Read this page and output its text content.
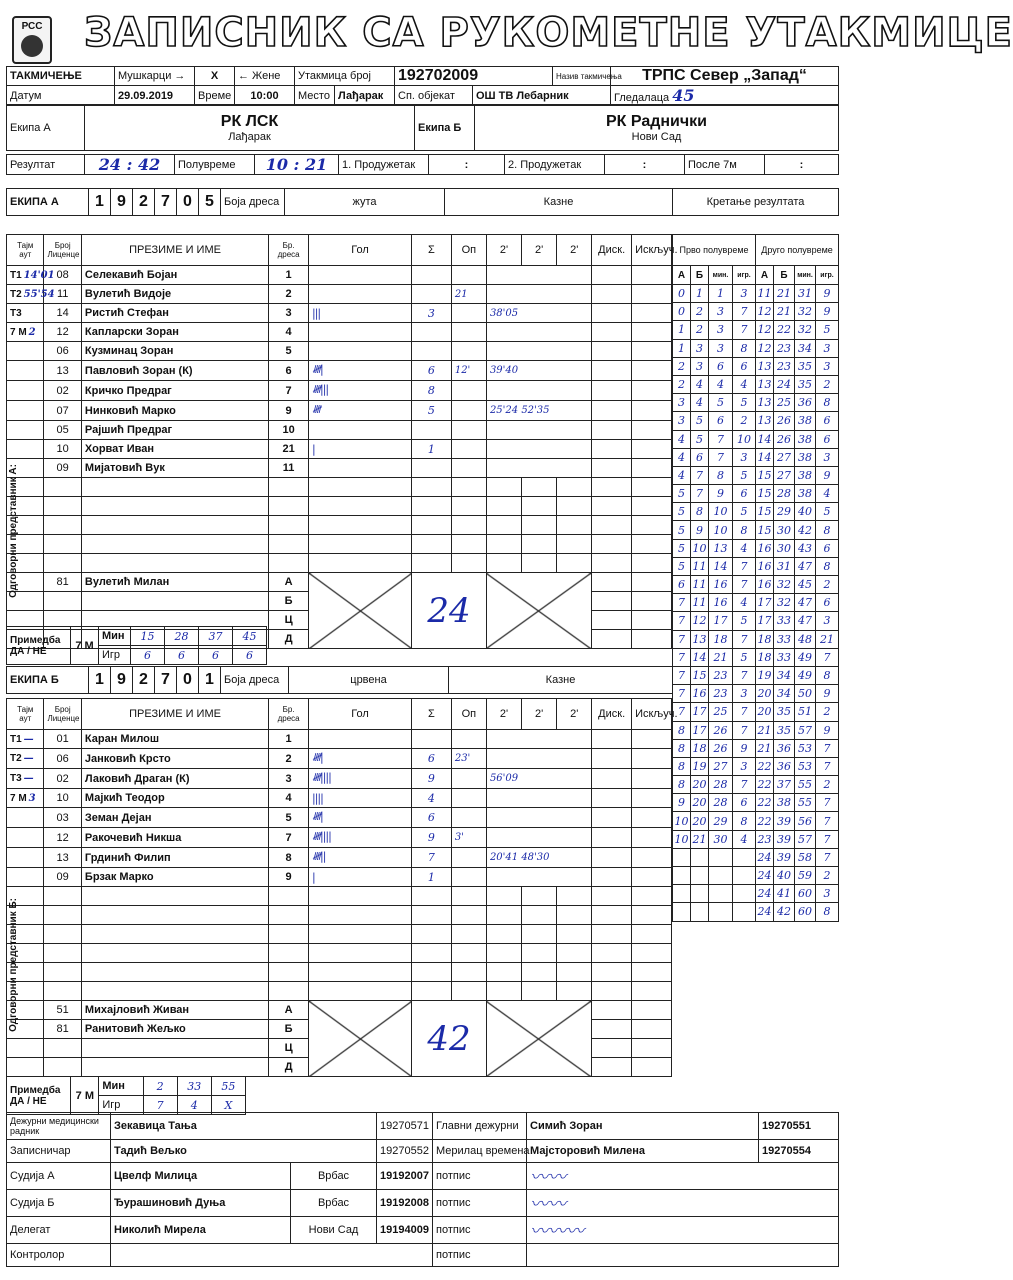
РСС ЗАПИСНИК СА РУКОМЕТНЕ УТАКМИЦЕ
ТАКМИЧЕЊЕ	Мушкарци →	X	← Жене	Утакмица број		192702009		Назив такмичења	ТРПС Север „Запад“
Датум	29.09.2019	Време	10:00	Место	Лађарак	Сп. објекат	ОШ ТВ Лебарник		Гледалаца 45
Екипа А	РК ЛСК
Лађарак
	Екипа Б	РК Раднички
Нови Сад
Резултат	24 : 42	Полувреме	10 : 21	1. Продужетак	:	2. Продужетак	:	После 7м	:
ЕКИПА А	1	9	2	7	0	5	Боја дреса	жута	Казне	Кретање резултата
Тајм аут	Број Лиценце	ПРЕЗИМЕ И ИМЕ	Бр. дреса	Гол	Σ	Оп	2'	2'	2'	Диск.	Искључ.
T1 14'01	08	Селекавић Бојан	1								
T2 55'54	11	Вулетић Видоје	2			21					
T3	14	Ристић Стефан	3	|||	3		38'05				
7 M 2	12	Капларски Зоран	4								
	06	Кузминац Зоран	5								
	13	Павловић Зоран (К)	6	𝍸|	6	12'	39'40				
	02	Кричко Предраг	7	𝍸|||	8						
	07	Нинковић Марко	9	𝍸	5		25'24 52'35				
	05	Рајшић Предраг	10								
	10	Хорват Иван	21	|	1						
	09	Мијатовић Вук	11								

	81	Вулетић Милан	А		24						
			Б								
			Ц								
			Д								
Прво полувреме				Друго полувреме			
А	Б	мин.	игр.	А	Б	мин.	игр.
0	1	1	3	11	21	31	9
0	2	3	7	12	21	32	9
1	2	3	7	12	22	32	5
1	3	3	8	12	23	34	3
2	3	6	6	13	23	35	3
2	4	4	4	13	24	35	2
3	4	5	5	13	25	36	8
3	5	6	2	13	26	38	6
4	5	7	10	14	26	38	6
4	6	7	3	14	27	38	3
4	7	8	5	15	27	38	9
5	7	9	6	15	28	38	4
5	8	10	5	15	29	40	5
5	9	10	8	15	30	42	8
5	10	13	4	16	30	43	6
5	11	14	7	16	31	47	8
6	11	16	7	16	32	45	2
7	11	16	4	17	32	47	6
7	12	17	5	17	33	47	3
7	13	18	7	18	33	48	21
7	14	21	5	18	33	49	7
7	15	23	7	19	34	49	8
7	16	23	3	20	34	50	9
7	17	25	7	20	35	51	2
8	17	26	7	21	35	57	9
8	18	26	9	21	36	53	7
8	19	27	3	22	36	53	7
8	20	28	7	22	37	55	2
9	20	28	6	22	38	55	7
10	20	29	8	22	39	56	7
10	21	30	4	23	39	57	7
				24	39	58	7
				24	40	59	2
				24	41	60	3
				24	42	60	8
Примедба ДА / НЕ	7 М	Мин	15	28	37	45
		Игр	6	6	6	6
ЕКИПА Б	1	9	2	7	0	1	Боја дреса	црвена	Казне
Тајм аут	Број Лиценце	ПРЕЗИМЕ И ИМЕ	Бр. дреса	Гол	Σ	Оп	2'	2'	2'	Диск.	Искључ.
T1 —	01	Каран Милош	1								
T2 —	06	Јанковић Крсто	2	𝍸|	6	23'					
T3 —	02	Лаковић Драган (К)	3	𝍸||||	9		56'09				
7 M 3	10	Мајкић Теодор	4	||||	4						
	03	Земан Дејан	5	𝍸|	6						
	12	Ракочевић Никша	7	𝍸||||	9	3'					
	13	Грдинић Филип	8	𝍸||	7		20'41 48'30				
	09	Брзак Марко	9	|	1						

	51	Михајловић Живан	А		42						
	81	Ранитовић Жељко	Б								
			Ц								
			Д								
Примедба ДА / НЕ	7 М	Мин	2	33	55
		Игр	7	4	X
Дежурни медицински радник	Зекавица Тања		19270571	Главни дежурни	Симић Зоран	19270551
Записничар	Тадић Вељко		19270552	Мерилац времена	Мајсторовић Милена	19270554
Судија А	Цвелф Милица	Врбас	19192007	потпис	〰〰	
Судија Б	Ђурашиновић Дуња	Врбас	19192008	потпис	〰〰	
Делегат	Николић Мирела	Нови Сад	19194009	потпис	〰〰〰	
Контролор				потпис		
Одговорни представник А:
Одговорни представник Б:
